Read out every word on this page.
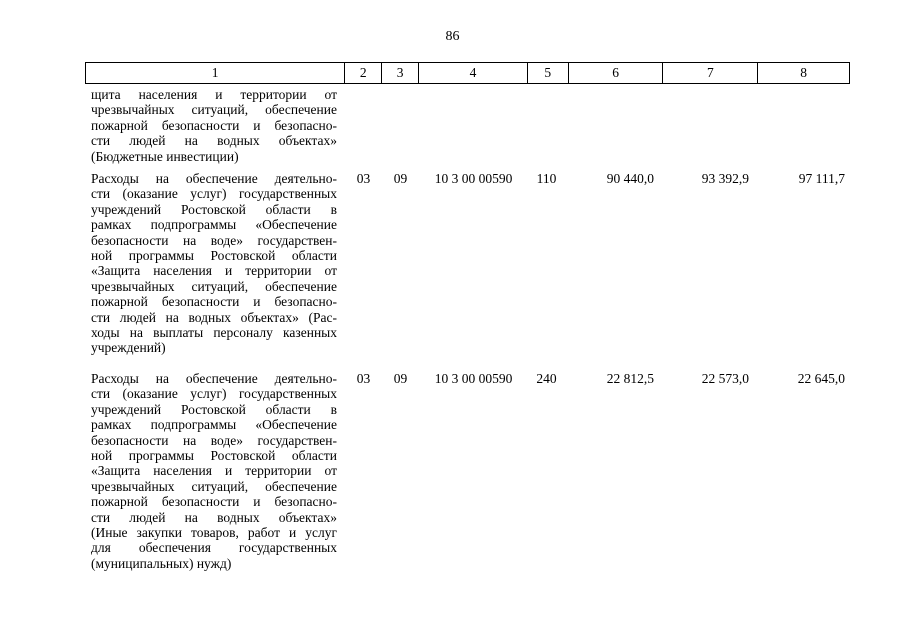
86
1	2	3	4	5	6	7	8
щита населения и территории от
чрезвычайных ситуаций, обеспечение
пожарной безопасности и безопасно-
сти людей на водных объектах»
(Бюджетные инвестиции)
Расходы на обеспечение деятельно-
сти (оказание услуг) государственных
учреждений Ростовской области в
рамках подпрограммы «Обеспечение
безопасности на воде» государствен-
ной программы Ростовской области
«Защита населения и территории от
чрезвычайных ситуаций, обеспечение
пожарной безопасности и безопасно-
сти людей на водных объектах» (Рас-
ходы на выплаты персоналу казенных
учреждений)
03	09	10 3 00 00590	110	90 440,0	93 392,9	97 111,7
Расходы на обеспечение деятельно-
сти (оказание услуг) государственных
учреждений Ростовской области в
рамках подпрограммы «Обеспечение
безопасности на воде» государствен-
ной программы Ростовской области
«Защита населения и территории от
чрезвычайных ситуаций, обеспечение
пожарной безопасности и безопасно-
сти людей на водных объектах»
(Иные закупки товаров, работ и услуг
для обеспечения государственных
(муниципальных) нужд)
03	09	10 3 00 00590	240	22 812,5	22 573,0	22 645,0
